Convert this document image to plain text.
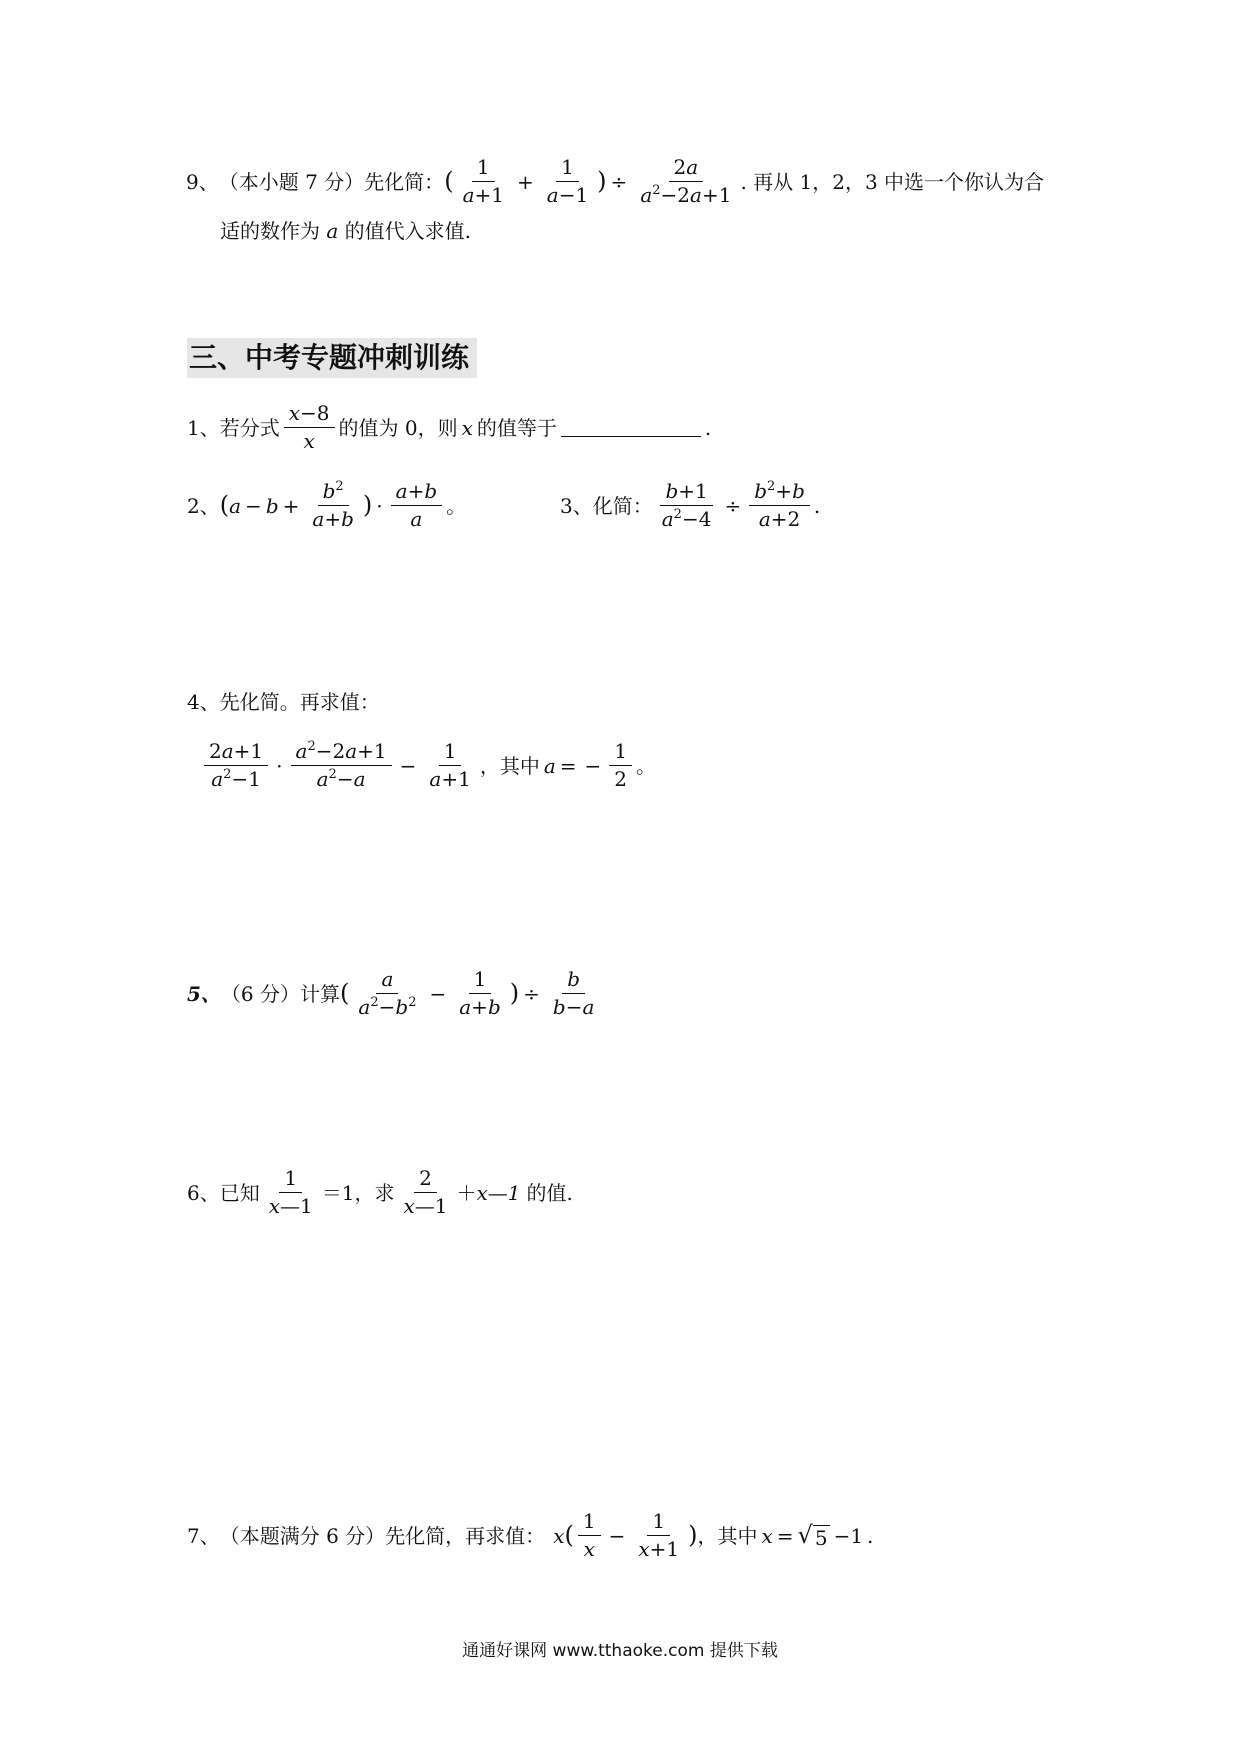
9、 （本小题 7 分） 先化简： ( $\frac{1}{a+1} + \frac{1}{a-1}$ ) ÷ $\frac{2a}{a^2-2a+1}$ . 再从 1，2，3 中选一个你认为合
适的数作为 a 的值代入求值.
三、中考专题冲刺训练
1、 若分式 $\frac{x-8}{x}$ 的值为 0，则 x 的值等于	.
2、 ( $a - b + \frac{b^2}{a+b}$ ) · $\frac{a+b}{a}$ 。	3、 化简： $\frac{b+1}{a^2-4} \div \frac{b^2+b}{a+2}$ .
4、先化简。再求值：
$\frac{2a+1}{a^2-1} \cdot \frac{a^2-2a+1}{a^2-a} - \frac{1}{a+1}$ ，其中 a = − $\frac{1}{2}$ 。
5、 （6 分） 计算 ( $\frac{a}{a^2-b^2} - \frac{1}{a+b}$ ) ÷ $\frac{b}{b-a}$
6、 已知 $\frac{1}{x—1} =1$，求 $\frac{2}{x—1}$ ＋ x—1 的值.
7、 （本题满分 6 分） 先化简，再求值： x ( $\frac{1}{x} - \frac{1}{x+1}$ ) ，其中 x = √ 5 −1 .
通通好课网 www.tthaoke.com 提供下载
